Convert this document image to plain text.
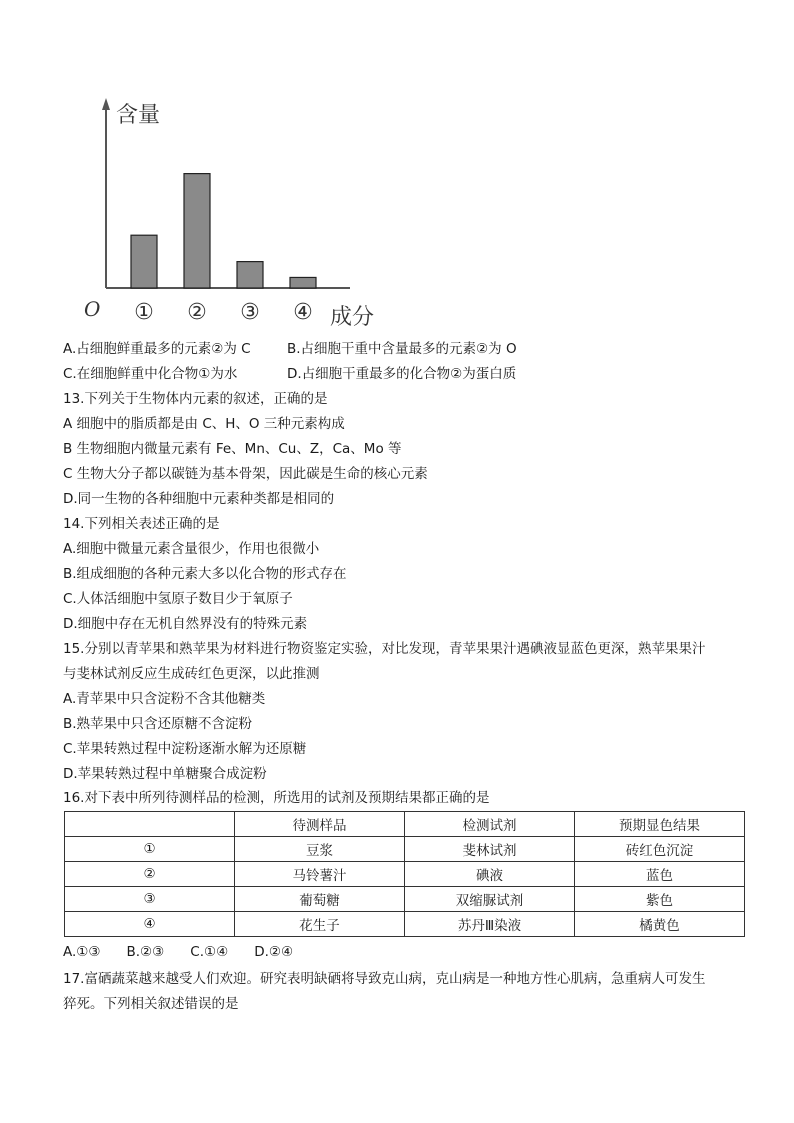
含量
O	成分
① ② ③ ④
A.占细胞鲜重最多的元素②为 C	B.占细胞干重中含量最多的元素②为 O
C.在细胞鲜重中化合物①为水	D.占细胞干重最多的化合物②为蛋白质
13.下列关于生物体内元素的叙述，正确的是
A 细胞中的脂质都是由 C、H、O 三种元素构成
B 生物细胞内微量元素有 Fe、Mn、Cu、Z，Ca、Mo 等
C 生物大分子都以碳链为基本骨架，因此碳是生命的核心元素
D.同一生物的各种细胞中元素种类都是相同的
14.下列相关表述正确的是
A.细胞中微量元素含量很少，作用也很微小
B.组成细胞的各种元素大多以化合物的形式存在
C.人体活细胞中氢原子数目少于氧原子
D.细胞中存在无机自然界没有的特殊元素
15.分别以青苹果和熟苹果为材料进行物资鉴定实验，对比发现，青苹果果汁遇碘液显蓝色更深，熟苹果果汁
与斐林试剂反应生成砖红色更深，以此推测
A.青苹果中只含淀粉不含其他糖类
B.熟苹果中只含还原糖不含淀粉
C.苹果转熟过程中淀粉逐渐水解为还原糖
D.苹果转熟过程中单糖聚合成淀粉
16.对下表中所列待测样品的检测，所选用的试剂及预期结果都正确的是
	待测样品	检测试剂	预期显色结果
①	豆浆	斐林试剂	砖红色沉淀
②	马铃薯汁	碘液	蓝色
③	葡萄糖	双缩脲试剂	紫色
④	花生子	苏丹Ⅲ染液	橘黄色
A.①③ B.②③ C.①④ D.②④
17.富硒蔬菜越来越受人们欢迎。研究表明缺硒将导致克山病，克山病是一种地方性心肌病，急重病人可发生
猝死。下列相关叙述错误的是
